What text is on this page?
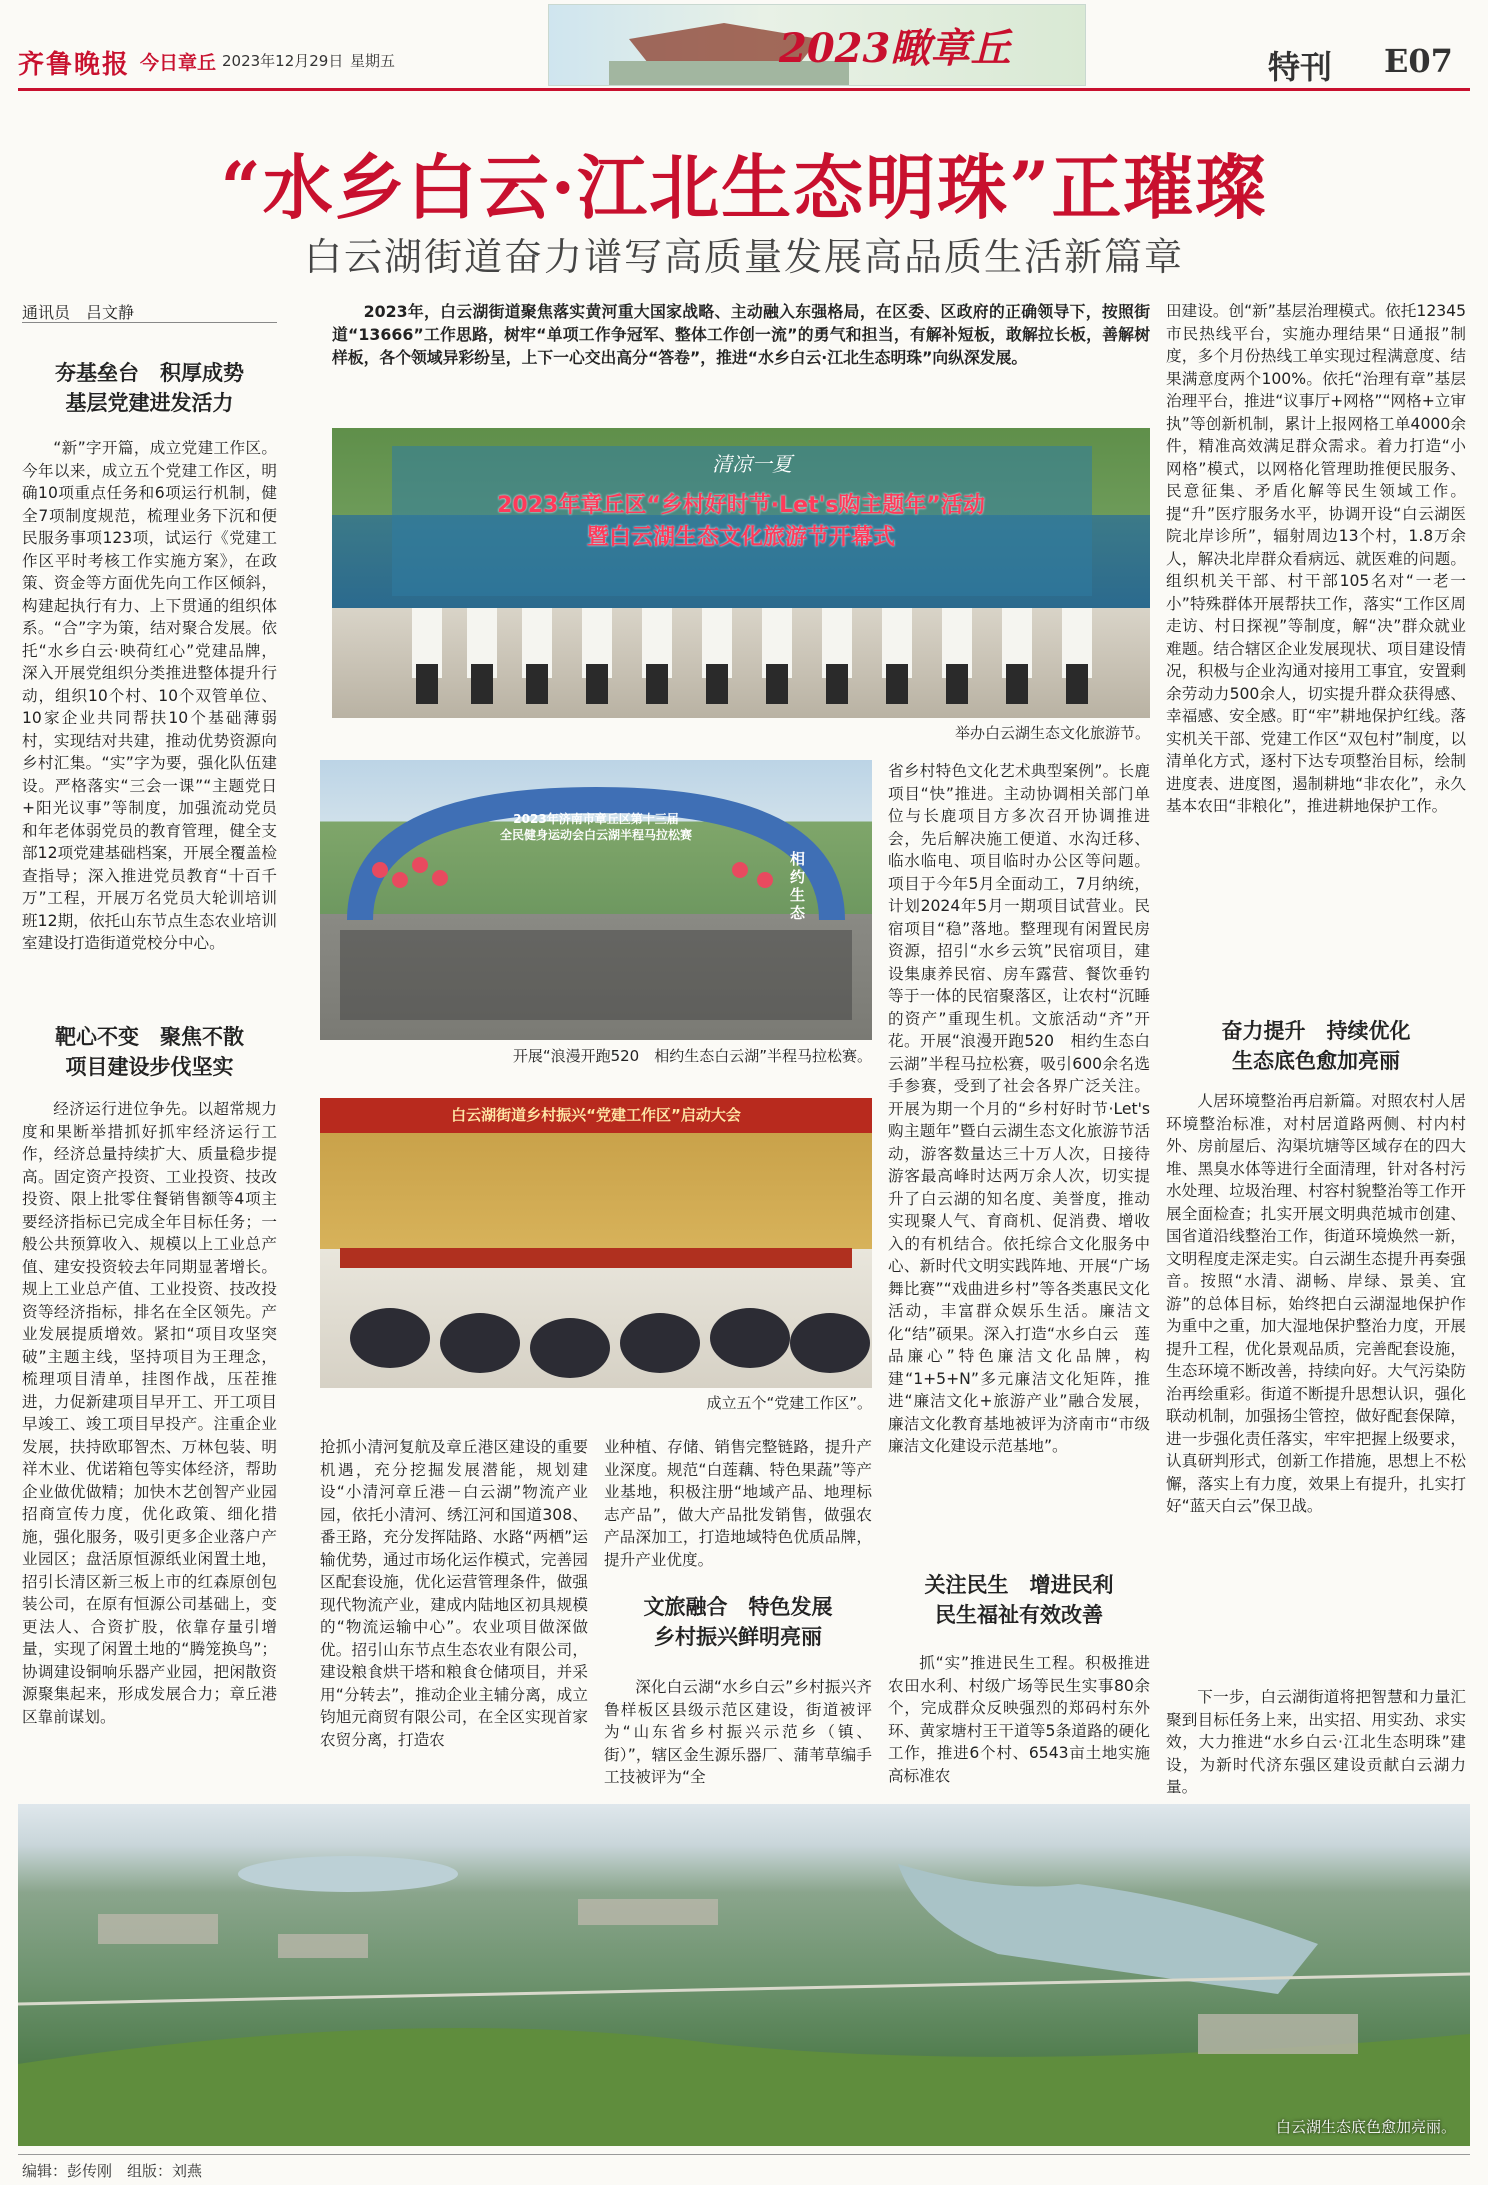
齐鲁晚报 今日章丘 2023年12月29日 星期五	2023瞰章丘	特刊 E07
“水乡白云·江北生态明珠”正璀璨
白云湖街道奋力谱写高质量发展高品质生活新篇章
通讯员　吕文静
夯基垒台　积厚成势
基层党建进发活力

“新”字开篇，成立党建工作区。今年以来，成立五个党建工作区，明确10项重点任务和6项运行机制，健全7项制度规范，梳理业务下沉和便民服务事项123项，试运行《党建工作区平时考核工作实施方案》，在政策、资金等方面优先向工作区倾斜，构建起执行有力、上下贯通的组织体系。“合”字为策，结对聚合发展。依托“水乡白云·映荷红心”党建品牌，深入开展党组织分类推进整体提升行动，组织10个村、10个双管单位、10家企业共同帮扶10个基础薄弱村，实现结对共建，推动优势资源向乡村汇集。“实”字为要，强化队伍建设。严格落实“三会一课”“主题党日+阳光议事”等制度，加强流动党员和年老体弱党员的教育管理，健全支部12项党建基础档案，开展全覆盖检查指导；深入推进党员教育“十百千万”工程，开展万名党员大轮训培训班12期，依托山东节点生态农业培训室建设打造街道党校分中心。

靶心不变　聚焦不散
项目建设步伐坚实

经济运行进位争先。以超常规力度和果断举措抓好抓牢经济运行工作，经济总量持续扩大、质量稳步提高。固定资产投资、工业投资、技改投资、限上批零住餐销售额等4项主要经济指标已完成全年目标任务；一般公共预算收入、规模以上工业总产值、建安投资较去年同期显著增长。规上工业总产值、工业投资、技改投资等经济指标，排名在全区领先。产业发展提质增效。紧扣“项目攻坚突破”主题主线，坚持项目为王理念，梳理项目清单，挂图作战，压茬推进，力促新建项目早开工、开工项目早竣工、竣工项目早投产。注重企业发展，扶持欧耶智杰、万林包装、明祥木业、优诺箱包等实体经济，帮助企业做优做精；加快木艺创智产业园招商宣传力度，优化政策、细化措施，强化服务，吸引更多企业落户产业园区；盘活原恒源纸业闲置土地，招引长清区新三板上市的红森原创包装公司，在原有恒源公司基础上，变更法人、合资扩股，依靠存量引增量，实现了闲置土地的“腾笼换鸟”；协调建设铜响乐器产业园，把闲散资源聚集起来，形成发展合力；章丘港区靠前谋划。

2023年，白云湖街道聚焦落实黄河重大国家战略、主动融入东强格局，在区委、区政府的正确领导下，按照街道“13666”工作思路，树牢“单项工作争冠军、整体工作创一流”的勇气和担当，有解补短板，敢解拉长板，善解树样板，各个领域异彩纷呈，上下一心交出高分“答卷”，推进“水乡白云·江北生态明珠”向纵深发展。
2023年章丘区“乡村好时节·Let's购主题年”活动
暨白云湖生态文化旅游节开幕式
清凉一夏
举办白云湖生态文化旅游节。
2023年济南市章丘区第十三届
全民健身运动会白云湖半程马拉松赛
相约生态
开展“浪漫开跑520　相约生态白云湖”半程马拉松赛。
白云湖街道乡村振兴“党建工作区”启动大会
成立五个“党建工作区”。

抢抓小清河复航及章丘港区建设的重要机遇，充分挖掘发展潜能，规划建设“小清河章丘港－白云湖”物流产业园，依托小清河、绣江河和国道308、番王路，充分发挥陆路、水路“两栖”运输优势，通过市场化运作模式，完善园区配套设施，优化运营管理条件，做强现代物流产业，建成内陆地区初具规模的“物流运输中心”。农业项目做深做优。招引山东节点生态农业有限公司，建设粮食烘干塔和粮食仓储项目，并采用“分转去”，推动企业主辅分离，成立钧旭元商贸有限公司，在全区实现首家农贸分离，打造农

业种植、存储、销售完整链路，提升产业深度。规范“白莲藕、特色果蔬”等产业基地，积极注册“地域产品、地理标志产品”，做大产品批发销售，做强农产品深加工，打造地域特色优质品牌，提升产业优度。

文旅融合　特色发展
乡村振兴鲜明亮丽

深化白云湖“水乡白云”乡村振兴齐鲁样板区县级示范区建设，街道被评为“山东省乡村振兴示范乡（镇、街）”，辖区金生源乐器厂、蒲苇草编手工技被评为“全

省乡村特色文化艺术典型案例”。长鹿项目“快”推进。主动协调相关部门单位与长鹿项目方多次召开协调推进会，先后解决施工便道、水沟迁移、临水临电、项目临时办公区等问题。项目于今年5月全面动工，7月纳统，计划2024年5月一期项目试营业。民宿项目“稳”落地。整理现有闲置民房资源，招引“水乡云筑”民宿项目，建设集康养民宿、房车露营、餐饮垂钓等于一体的民宿聚落区，让农村“沉睡的资产”重现生机。文旅活动“齐”开花。开展“浪漫开跑520　相约生态白云湖”半程马拉松赛，吸引600余名选手参赛，受到了社会各界广泛关注。开展为期一个月的“乡村好时节·Let's购主题年”暨白云湖生态文化旅游节活动，游客数量达三十万人次，日接待游客最高峰时达两万余人次，切实提升了白云湖的知名度、美誉度，推动实现聚人气、育商机、促消费、增收入的有机结合。依托综合文化服务中心、新时代文明实践阵地、开展“广场舞比赛”“戏曲进乡村”等各类惠民文化活动，丰富群众娱乐生活。廉洁文化“结”硕果。深入打造“水乡白云　莲品廉心”特色廉洁文化品牌，构建“1+5+N”多元廉洁文化矩阵，推进“廉洁文化+旅游产业”融合发展，廉洁文化教育基地被评为济南市“市级廉洁文化建设示范基地”。

关注民生　增进民利
民生福祉有效改善

抓“实”推进民生工程。积极推进农田水利、村级广场等民生实事80余个，完成群众反映强烈的郑码村东外环、黄家塘村王干道等5条道路的硬化工作，推进6个村、6543亩土地实施高标准农

田建设。创“新”基层治理模式。依托12345市民热线平台，实施办理结果“日通报”制度，多个月份热线工单实现过程满意度、结果满意度两个100%。依托“治理有章”基层治理平台，推进“议事厅+网格”“网格+立审执”等创新机制，累计上报网格工单4000余件，精准高效满足群众需求。着力打造“小网格”模式，以网格化管理助推便民服务、民意征集、矛盾化解等民生领域工作。提“升”医疗服务水平，协调开设“白云湖医院北岸诊所”，辐射周边13个村，1.8万余人，解决北岸群众看病远、就医难的问题。组织机关干部、村干部105名对“一老一小”特殊群体开展帮扶工作，落实“工作区周走访、村日探视”等制度，解“决”群众就业难题。结合辖区企业发展现状、项目建设情况，积极与企业沟通对接用工事宜，安置剩余劳动力500余人，切实提升群众获得感、幸福感、安全感。盯“牢”耕地保护红线。落实机关干部、党建工作区“双包村”制度，以清单化方式，逐村下达专项整治目标，绘制进度表、进度图，遏制耕地“非农化”，永久基本农田“非粮化”，推进耕地保护工作。

奋力提升　持续优化
生态底色愈加亮丽

人居环境整治再启新篇。对照农村人居环境整治标准，对村居道路两侧、村内村外、房前屋后、沟渠坑塘等区域存在的四大堆、黑臭水体等进行全面清理，针对各村污水处理、垃圾治理、村容村貌整治等工作开展全面检查；扎实开展文明典范城市创建、国省道沿线整治工作，街道环境焕然一新，文明程度走深走实。白云湖生态提升再奏强音。按照“水清、湖畅、岸绿、景美、宜游”的总体目标，始终把白云湖湿地保护作为重中之重，加大湿地保护整治力度，开展提升工程，优化景观品质，完善配套设施，生态环境不断改善，持续向好。大气污染防治再绘重彩。街道不断提升思想认识，强化联动机制，加强扬尘管控，做好配套保障，进一步强化责任落实，牢牢把握上级要求，认真研判形式，创新工作措施，思想上不松懈，落实上有力度，效果上有提升，扎实打好“蓝天白云”保卫战。

下一步，白云湖街道将把智慧和力量汇聚到目标任务上来，出实招、用实劲、求实效，大力推进“水乡白云·江北生态明珠”建设，为新时代济东强区建设贡献白云湖力量。

白云湖生态底色愈加亮丽。
编辑：彭传刚　组版：刘燕
